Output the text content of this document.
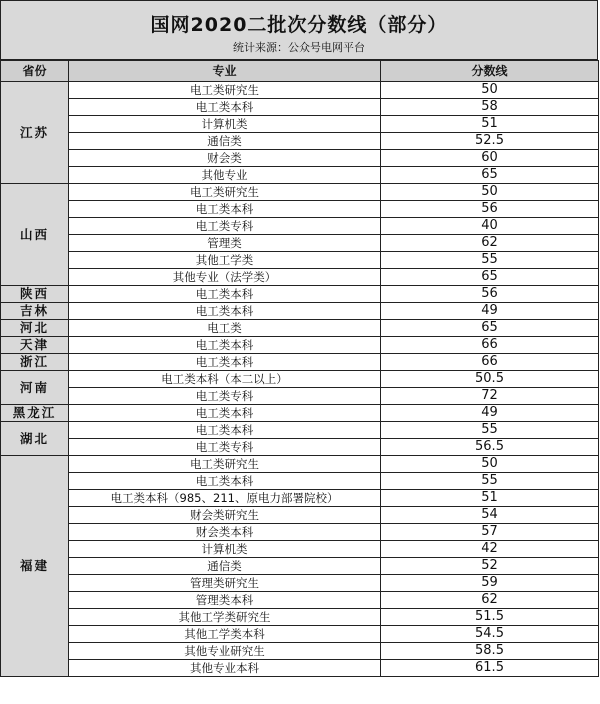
国网2020二批次分数线（部分）
统计来源：公众号电网平台
省份	专业	分数线
江苏	电工类研究生	50
	电工类本科	58
	计算机类	51
	通信类	52.5
	财会类	60
	其他专业	65
山西	电工类研究生	50
	电工类本科	56
	电工类专科	40
	管理类	62
	其他工学类	55
	其他专业（法学类）	65
陕西	电工类本科	56
吉林	电工类本科	49
河北	电工类	65
天津	电工类本科	66
浙江	电工类本科	66
河南	电工类本科（本二以上）	50.5
	电工类专科	72
黑龙江	电工类本科	49
湖北	电工类本科	55
	电工类专科	56.5
福建	电工类研究生	50
	电工类本科	55
	电工类本科（985、211、原电力部署院校）	51
	财会类研究生	54
	财会类本科	57
	计算机类	42
	通信类	52
	管理类研究生	59
	管理类本科	62
	其他工学类研究生	51.5
	其他工学类本科	54.5
	其他专业研究生	58.5
	其他专业本科	61.5
